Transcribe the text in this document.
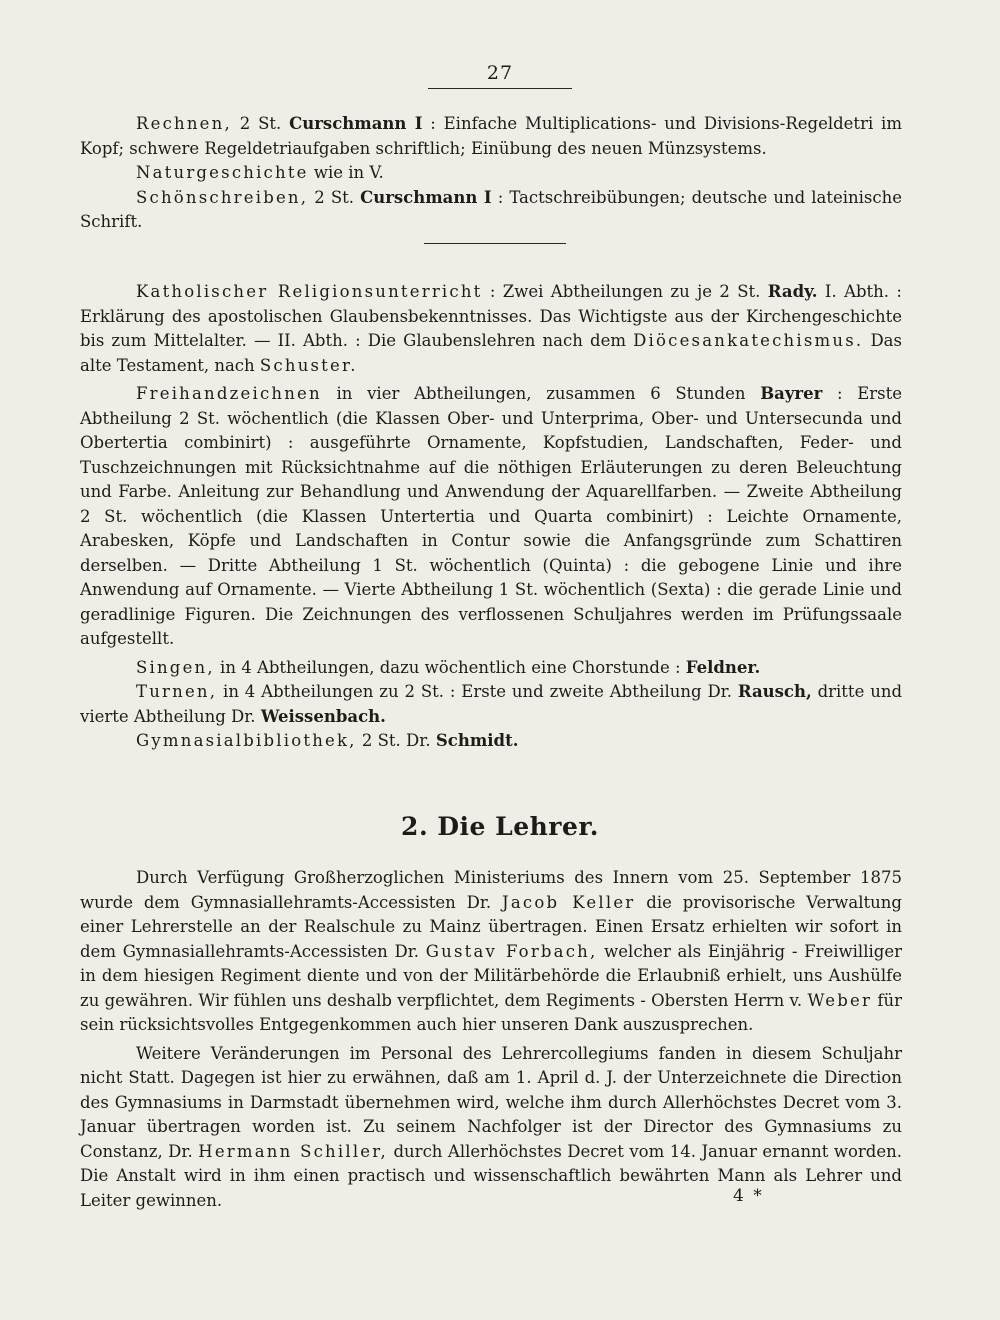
27

Rechnen, 2 St. Curschmann I : Einfache Multiplications- und Divisions-Regeldetri im Kopf; schwere Regeldetriaufgaben schriftlich; Einübung des neuen Münzsystems.

Naturgeschichte wie in V.

Schönschreiben, 2 St. Curschmann I : Tactschreibübungen; deutsche und lateinische Schrift.

Katholischer Religionsunterricht : Zwei Abtheilungen zu je 2 St. Rady. I. Abth. : Erklärung des apostolischen Glaubensbekenntnisses. Das Wichtigste aus der Kirchengeschichte bis zum Mittelalter. — II. Abth. : Die Glaubenslehren nach dem Diöcesankatechismus. Das alte Testament, nach Schuster.

Freihandzeichnen in vier Abtheilungen, zusammen 6 Stunden Bayrer : Erste Abtheilung 2 St. wöchentlich (die Klassen Ober- und Unterprima, Ober- und Untersecunda und Obertertia combinirt) : ausgeführte Ornamente, Kopfstudien, Landschaften, Feder- und Tuschzeichnungen mit Rücksichtnahme auf die nöthigen Erläuterungen zu deren Beleuchtung und Farbe. Anleitung zur Behandlung und Anwendung der Aquarellfarben. — Zweite Abtheilung 2 St. wöchentlich (die Klassen Untertertia und Quarta combinirt) : Leichte Ornamente, Arabesken, Köpfe und Landschaften in Contur sowie die Anfangsgründe zum Schattiren derselben. — Dritte Abtheilung 1 St. wöchentlich (Quinta) : die gebogene Linie und ihre Anwendung auf Ornamente. — Vierte Abtheilung 1 St. wöchentlich (Sexta) : die gerade Linie und geradlinige Figuren. Die Zeichnungen des verflossenen Schuljahres werden im Prüfungssaale aufgestellt.

Singen, in 4 Abtheilungen, dazu wöchentlich eine Chorstunde : Feldner.

Turnen, in 4 Abtheilungen zu 2 St. : Erste und zweite Abtheilung Dr. Rausch, dritte und vierte Abtheilung Dr. Weissenbach.

Gymnasialbibliothek, 2 St. Dr. Schmidt.

2. Die Lehrer.

Durch Verfügung Großherzoglichen Ministeriums des Innern vom 25. September 1875 wurde dem Gymnasiallehramts-Accessisten Dr. Jacob Keller die provisorische Verwaltung einer Lehrerstelle an der Realschule zu Mainz übertragen. Einen Ersatz erhielten wir sofort in dem Gymnasiallehramts-Accessisten Dr. Gustav Forbach, welcher als Einjährig - Freiwilliger in dem hiesigen Regiment diente und von der Militärbehörde die Erlaubniß erhielt, uns Aushülfe zu gewähren. Wir fühlen uns deshalb verpflichtet, dem Regiments - Obersten Herrn v. Weber für sein rücksichtsvolles Entgegenkommen auch hier unseren Dank auszusprechen.

Weitere Veränderungen im Personal des Lehrercollegiums fanden in diesem Schuljahr nicht Statt. Dagegen ist hier zu erwähnen, daß am 1. April d. J. der Unterzeichnete die Direction des Gymnasiums in Darmstadt übernehmen wird, welche ihm durch Allerhöchstes Decret vom 3. Januar übertragen worden ist. Zu seinem Nachfolger ist der Director des Gymnasiums zu Constanz, Dr. Hermann Schiller, durch Allerhöchstes Decret vom 14. Januar ernannt worden. Die Anstalt wird in ihm einen practisch und wissenschaftlich bewährten Mann als Lehrer und Leiter gewinnen.	4 *
